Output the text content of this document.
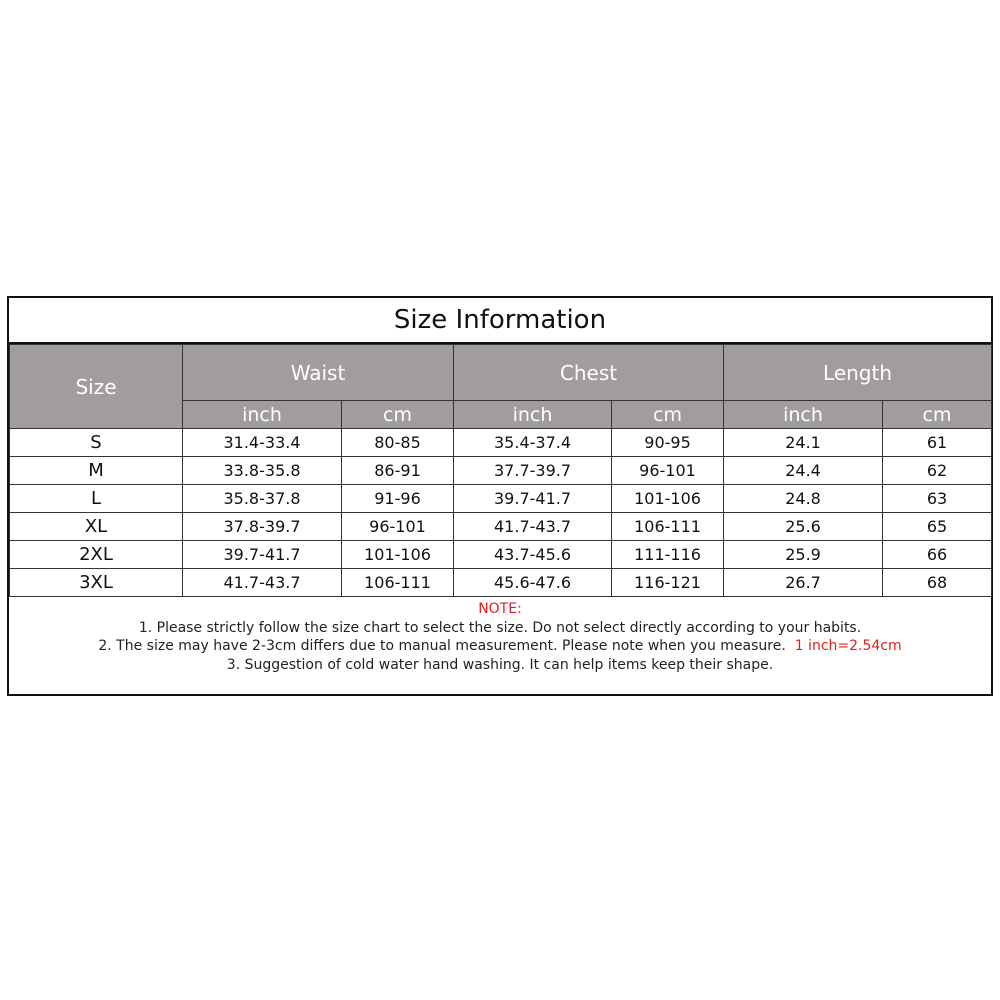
Size Information
Size	Waist		Chest		Length	
	inch	cm	inch	cm	inch	cm
S	31.4-33.4	80-85	35.4-37.4	90-95	24.1	61
M	33.8-35.8	86-91	37.7-39.7	96-101	24.4	62
L	35.8-37.8	91-96	39.7-41.7	101-106	24.8	63
XL	37.8-39.7	96-101	41.7-43.7	106-111	25.6	65
2XL	39.7-41.7	101-106	43.7-45.6	111-116	25.9	66
3XL	41.7-43.7	106-111	45.6-47.6	116-121	26.7	68
NOTE:
1. Please strictly follow the size chart to select the size. Do not select directly according to your habits.
2. The size may have 2-3cm differs due to manual measurement. Please note when you measure. 1 inch=2.54cm
3. Suggestion of cold water hand washing. It can help items keep their shape.
